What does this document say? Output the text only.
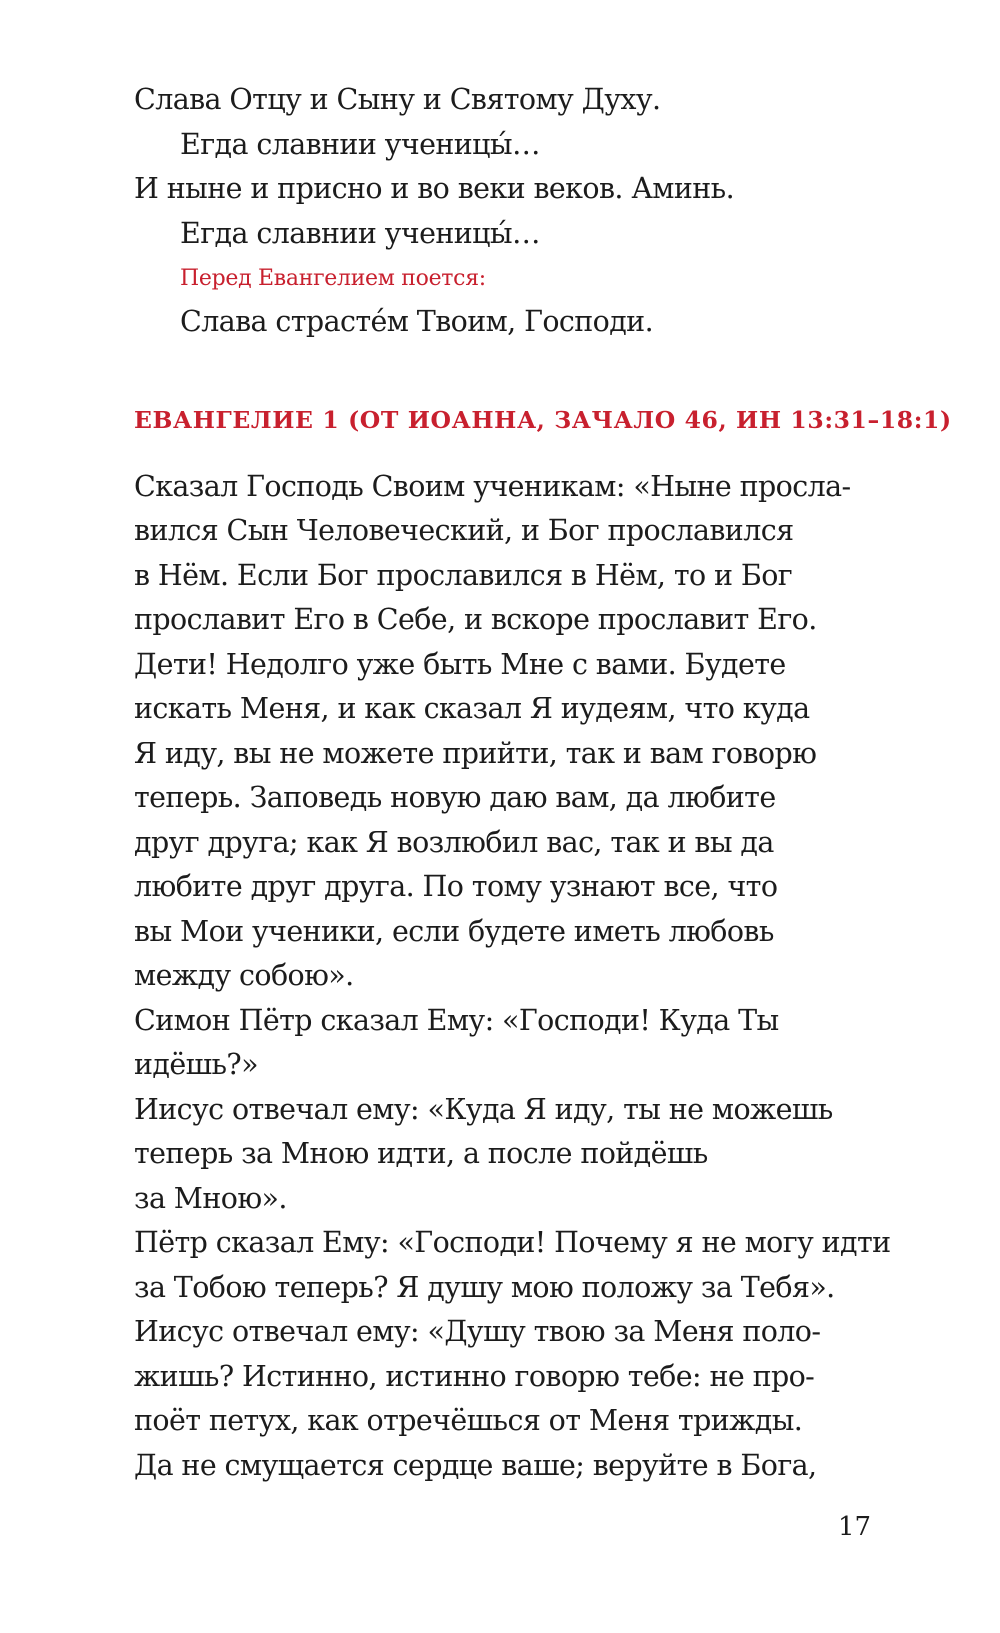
Слава Отцу и Сыну и Святому Духу.

Егда славнии ученицы́…

И ныне и присно и во веки веков. Аминь.

Егда славнии ученицы́…

Перед Евангелием поется:

Слава страсте́м Твоим, Господи.

ЕВАНГЕЛИЕ 1 (ОТ ИОАННА, ЗАЧАЛО 46, ИН 13:31–18:1)

Сказал Господь Своим ученикам: «Ныне просла-
вился Сын Человеческий, и Бог прославился
в Нём. Если Бог прославился в Нём, то и Бог
прославит Его в Себе, и вскоре прославит Его.
Дети! Недолго уже быть Мне с вами. Будете
искать Меня, и как сказал Я иудеям, что куда
Я иду, вы не можете прийти, так и вам говорю
теперь. Заповедь новую даю вам, да любите
друг друга; как Я возлюбил вас, так и вы да
любите друг друга. По тому узнают все, что
вы Мои ученики, если будете иметь любовь
между собою».

Симон Пётр сказал Ему: «Господи! Куда Ты
идёшь?»

Иисус отвечал ему: «Куда Я иду, ты не можешь
теперь за Мною идти, а после пойдёшь
за Мною».

Пётр сказал Ему: «Господи! Почему я не могу идти
за Тобою теперь? Я душу мою положу за Тебя».

Иисус отвечал ему: «Душу твою за Меня поло-
жишь? Истинно, истинно говорю тебе: не про-
поёт петух, как отречёшься от Меня трижды.
Да не смущается сердце ваше; веруйте в Бога,

17
